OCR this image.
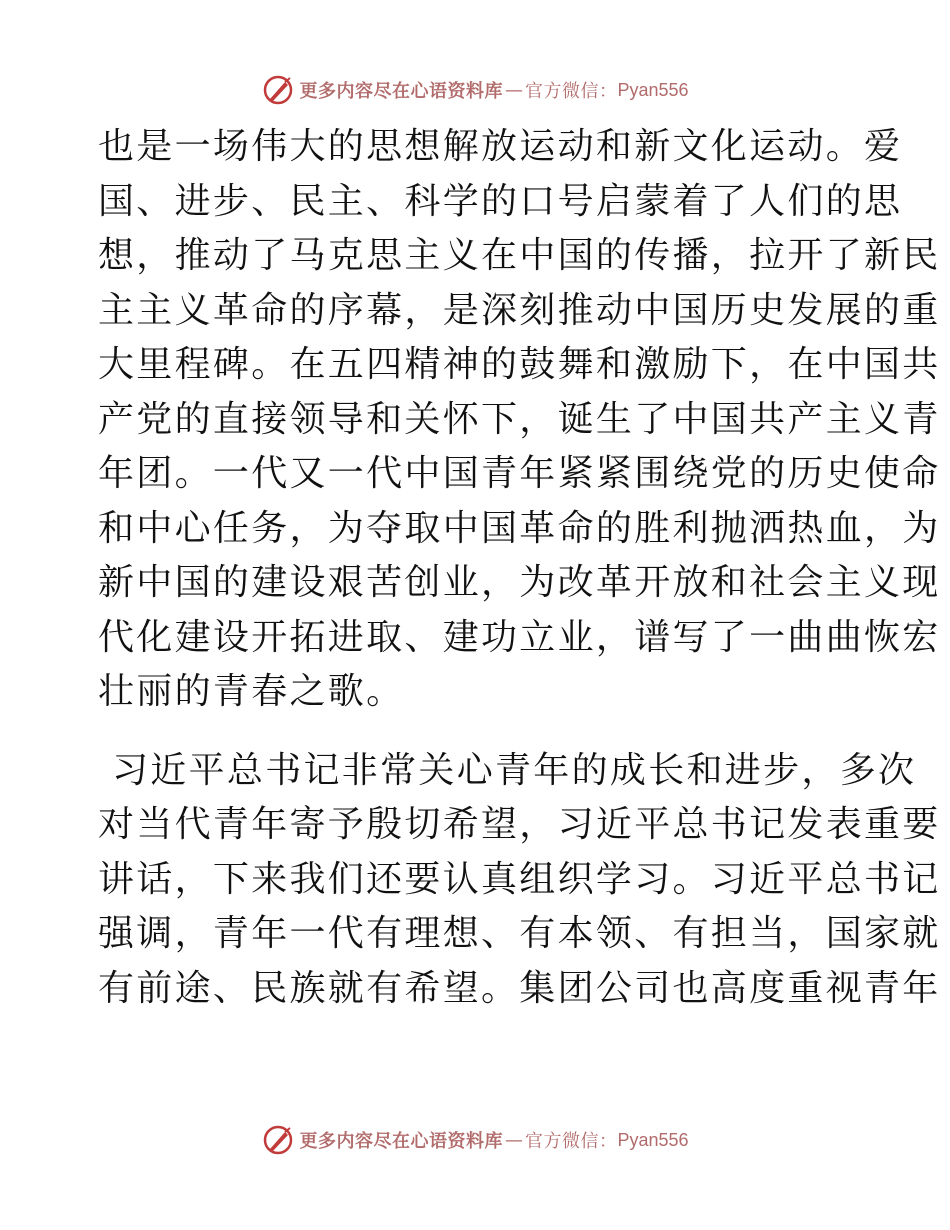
更多内容尽在心语资料库 — 官方微信： Pyan556
也是一场伟大的思想解放运动和新文化运动。爱
国、进步、民主、科学的口号启蒙着了人们的思
想，推动了马克思主义在中国的传播，拉开了新民
主主义革命的序幕，是深刻推动中国历史发展的重
大里程碑。在五四精神的鼓舞和激励下，在中国共
产党的直接领导和关怀下，诞生了中国共产主义青
年团。一代又一代中国青年紧紧围绕党的历史使命
和中心任务，为夺取中国革命的胜利抛洒热血，为
新中国的建设艰苦创业，为改革开放和社会主义现
代化建设开拓进取、建功立业，谱写了一曲曲恢宏
壮丽的青春之歌。
习近平总书记非常关心青年的成长和进步，多次
对当代青年寄予殷切希望，习近平总书记发表重要
讲话，下来我们还要认真组织学习。习近平总书记
强调，青年一代有理想、有本领、有担当，国家就
有前途、民族就有希望。集团公司也高度重视青年
更多内容尽在心语资料库 — 官方微信： Pyan556
